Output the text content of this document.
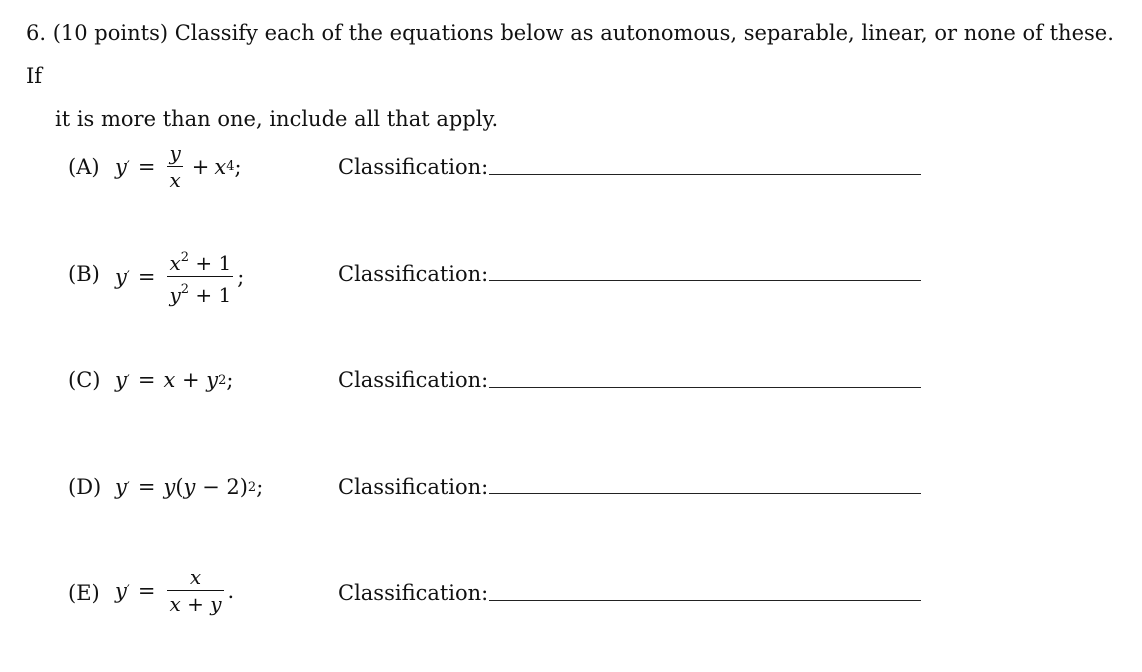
6. (10 points) Classify each of the equations below as autonomous, separable, linear, or none of these. If
it is more than one, include all that apply.
(A) y ′ = $\frac{y}{x} + x$ 4 ;	Classification:
(B) y ′ = $\frac{x^2 + 1}{y^2 + 1}$ ;	Classification:
(C) y ′ = x + y 2 ;	Classification:
(D) y ′ = y ( y − 2 ) 2 ;	Classification:
(E) y ′ = $\frac{x}{x + y}$ .	Classification:
